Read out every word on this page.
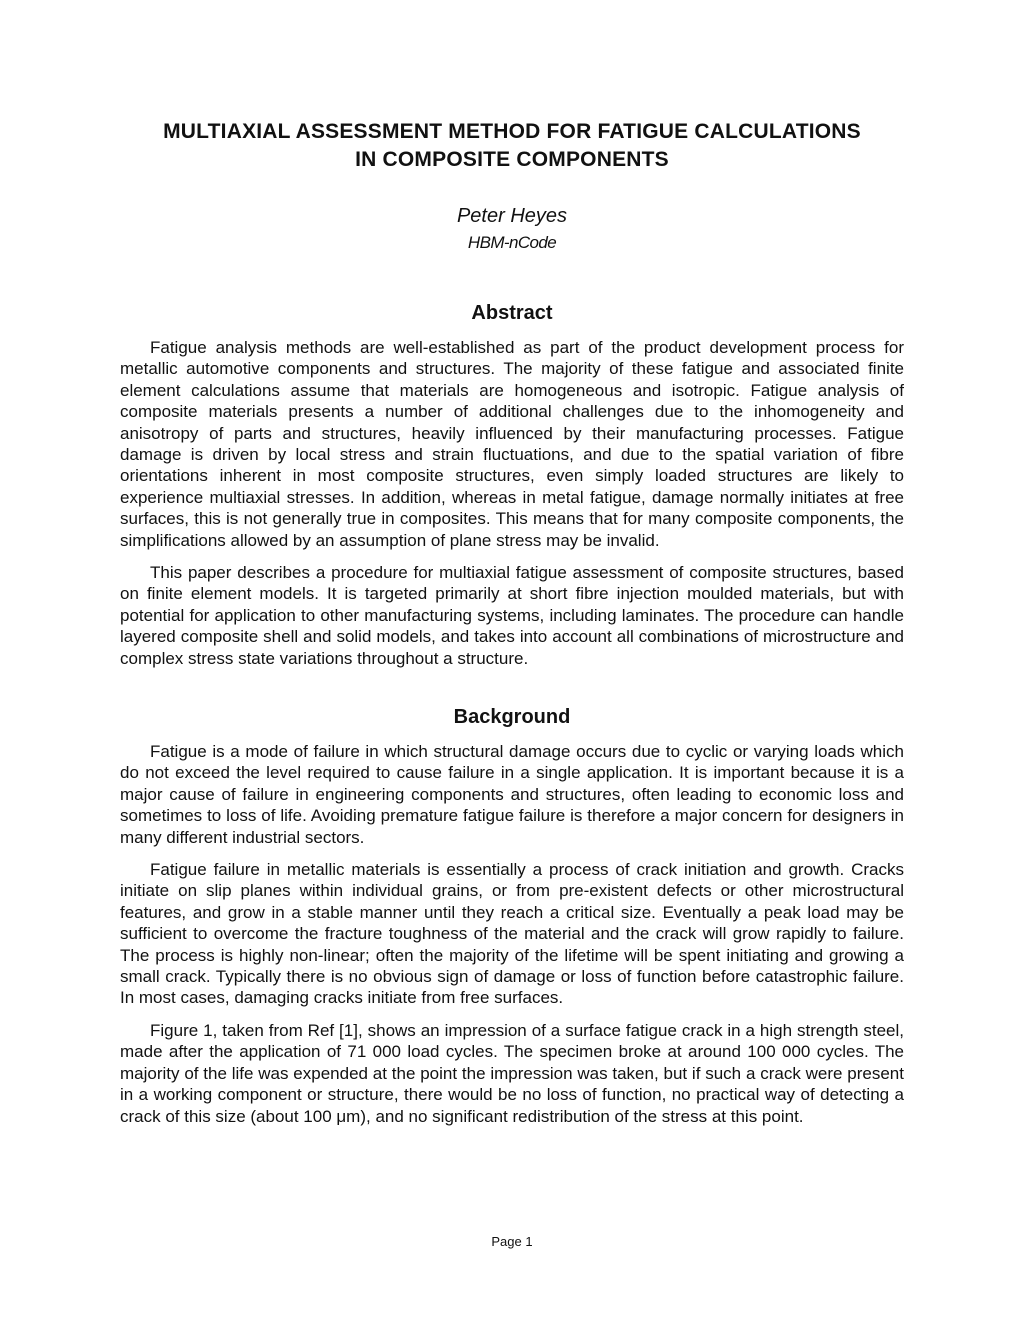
MULTIAXIAL ASSESSMENT METHOD FOR FATIGUE CALCULATIONS
IN COMPOSITE COMPONENTS
Peter Heyes
HBM-nCode
Abstract

Fatigue analysis methods are well-established as part of the product development process for metallic automotive components and structures. The majority of these fatigue and associated finite element calculations assume that materials are homogeneous and isotropic. Fatigue analysis of composite materials presents a number of additional challenges due to the inhomogeneity and anisotropy of parts and structures, heavily influenced by their manufacturing processes. Fatigue damage is driven by local stress and strain fluctuations, and due to the spatial variation of fibre orientations inherent in most composite structures, even simply loaded structures are likely to experience multiaxial stresses. In addition, whereas in metal fatigue, damage normally initiates at free surfaces, this is not generally true in composites. This means that for many composite components, the simplifications allowed by an assumption of plane stress may be invalid.

This paper describes a procedure for multiaxial fatigue assessment of composite structures, based on finite element models. It is targeted primarily at short fibre injection moulded materials, but with potential for application to other manufacturing systems, including laminates. The procedure can handle layered composite shell and solid models, and takes into account all combinations of microstructure and complex stress state variations throughout a structure.

Background

Fatigue is a mode of failure in which structural damage occurs due to cyclic or varying loads which do not exceed the level required to cause failure in a single application. It is important because it is a major cause of failure in engineering components and structures, often leading to economic loss and sometimes to loss of life. Avoiding premature fatigue failure is therefore a major concern for designers in many different industrial sectors.

Fatigue failure in metallic materials is essentially a process of crack initiation and growth. Cracks initiate on slip planes within individual grains, or from pre-existent defects or other microstructural features, and grow in a stable manner until they reach a critical size. Eventually a peak load may be sufficient to overcome the fracture toughness of the material and the crack will grow rapidly to failure. The process is highly non-linear; often the majority of the lifetime will be spent initiating and growing a small crack. Typically there is no obvious sign of damage or loss of function before catastrophic failure. In most cases, damaging cracks initiate from free surfaces.

Figure 1, taken from Ref [1], shows an impression of a surface fatigue crack in a high strength steel, made after the application of 71 000 load cycles. The specimen broke at around 100 000 cycles. The majority of the life was expended at the point the impression was taken, but if such a crack were present in a working component or structure, there would be no loss of function, no practical way of detecting a crack of this size (about 100 μm), and no significant redistribution of the stress at this point.

Page 1
